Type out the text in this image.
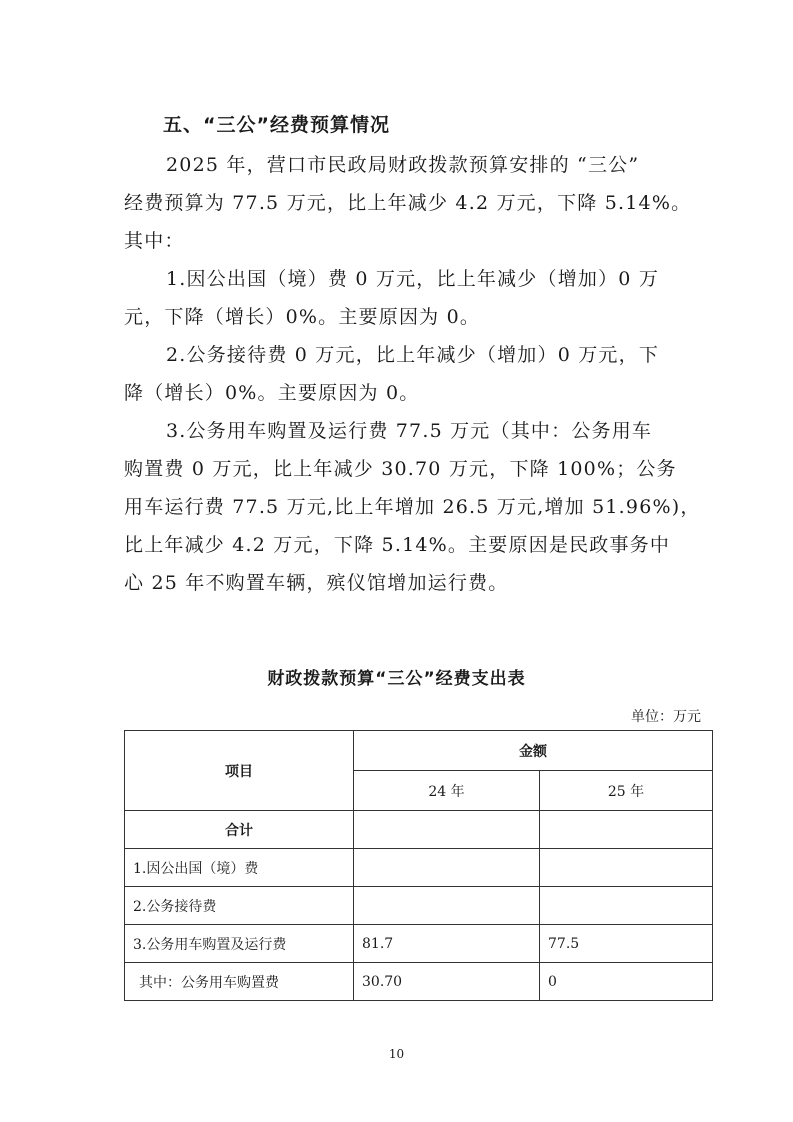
五、“三公”经费预算情况
2025 年，营口市民政局财政拨款预算安排的 “三公”
经费预算为 77.5 万元，比上年减少 4.2 万元，下降 5.14%。
其中：
1.因公出国（境）费 0 万元，比上年减少（增加）0 万
元，下降（增长）0%。主要原因为 0。
2.公务接待费 0 万元，比上年减少（增加）0 万元，下
降（增长）0%。主要原因为 0。
3.公务用车购置及运行费 77.5 万元（其中：公务用车
购置费 0 万元，比上年减少 30.70 万元，下降 100%；公务
用车运行费 77.5 万元,比上年增加 26.5 万元,增加 51.96%)，
比上年减少 4.2 万元，下降 5.14%。主要原因是民政事务中
心 25 年不购置车辆，殡仪馆增加运行费。
财政拨款预算“三公”经费支出表
单位：万元
项目	金额	
	24 年	25 年
合计		
1.因公出国（境）费		
2.公务接待费		
3.公务用车购置及运行费	81.7	77.5
其中：公务用车购置费	30.70	0
10
